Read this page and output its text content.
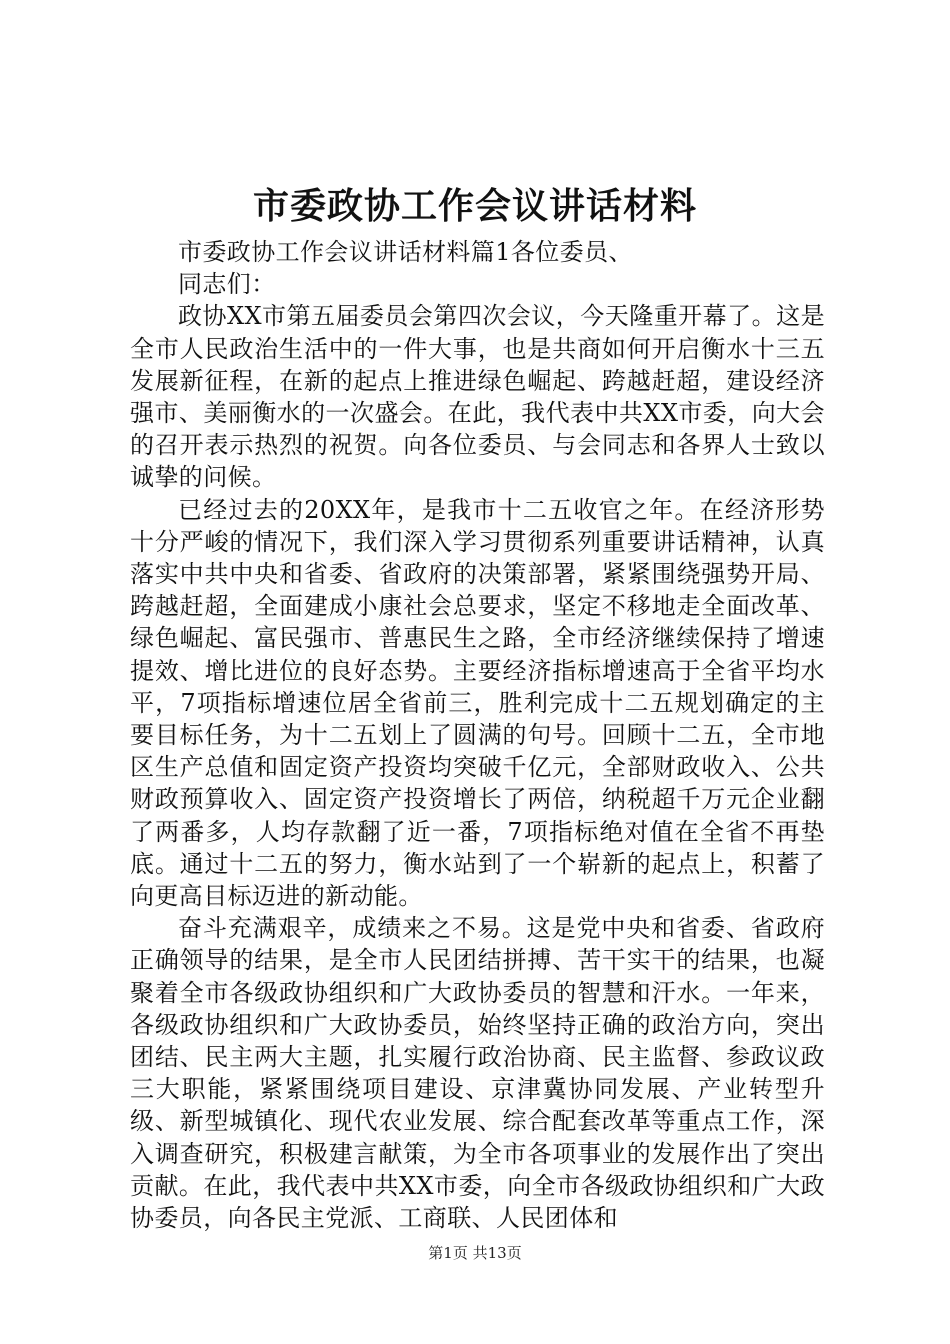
市委政协工作会议讲话材料

市委政协工作会议讲话材料篇1各位委员、

同志们：

政协XX市第五届委员会第四次会议，今天隆重开幕了。这是全市人民政治生活中的一件大事，也是共商如何开启衡水十三五发展新征程，在新的起点上推进绿色崛起、跨越赶超，建设经济强市、美丽衡水的一次盛会。在此，我代表中共XX市委，向大会的召开表示热烈的祝贺。向各位委员、与会同志和各界人士致以诚挚的问候。

已经过去的20XX年，是我市十二五收官之年。在经济形势十分严峻的情况下，我们深入学习贯彻系列重要讲话精神，认真落实中共中央和省委、省政府的决策部署，紧紧围绕强势开局、跨越赶超，全面建成小康社会总要求，坚定不移地走全面改革、绿色崛起、富民强市、普惠民生之路，全市经济继续保持了增速提效、增比进位的良好态势。主要经济指标增速高于全省平均水平，7项指标增速位居全省前三，胜利完成十二五规划确定的主要目标任务，为十二五划上了圆满的句号。回顾十二五，全市地区生产总值和固定资产投资均突破千亿元，全部财政收入、公共财政预算收入、固定资产投资增长了两倍，纳税超千万元企业翻了两番多，人均存款翻了近一番，7项指标绝对值在全省不再垫底。通过十二五的努力，衡水站到了一个崭新的起点上，积蓄了向更高目标迈进的新动能。

奋斗充满艰辛，成绩来之不易。这是党中央和省委、省政府正确领导的结果，是全市人民团结拼搏、苦干实干的结果，也凝聚着全市各级政协组织和广大政协委员的智慧和汗水。一年来，各级政协组织和广大政协委员，始终坚持正确的政治方向，突出团结、民主两大主题，扎实履行政治协商、民主监督、参政议政三大职能，紧紧围绕项目建设、京津冀协同发展、产业转型升级、新型城镇化、现代农业发展、综合配套改革等重点工作，深入调查研究，积极建言献策，为全市各项事业的发展作出了突出贡献。在此，我代表中共XX市委，向全市各级政协组织和广大政协委员，向各民主党派、工商联、人民团体和

第1页 共13页
